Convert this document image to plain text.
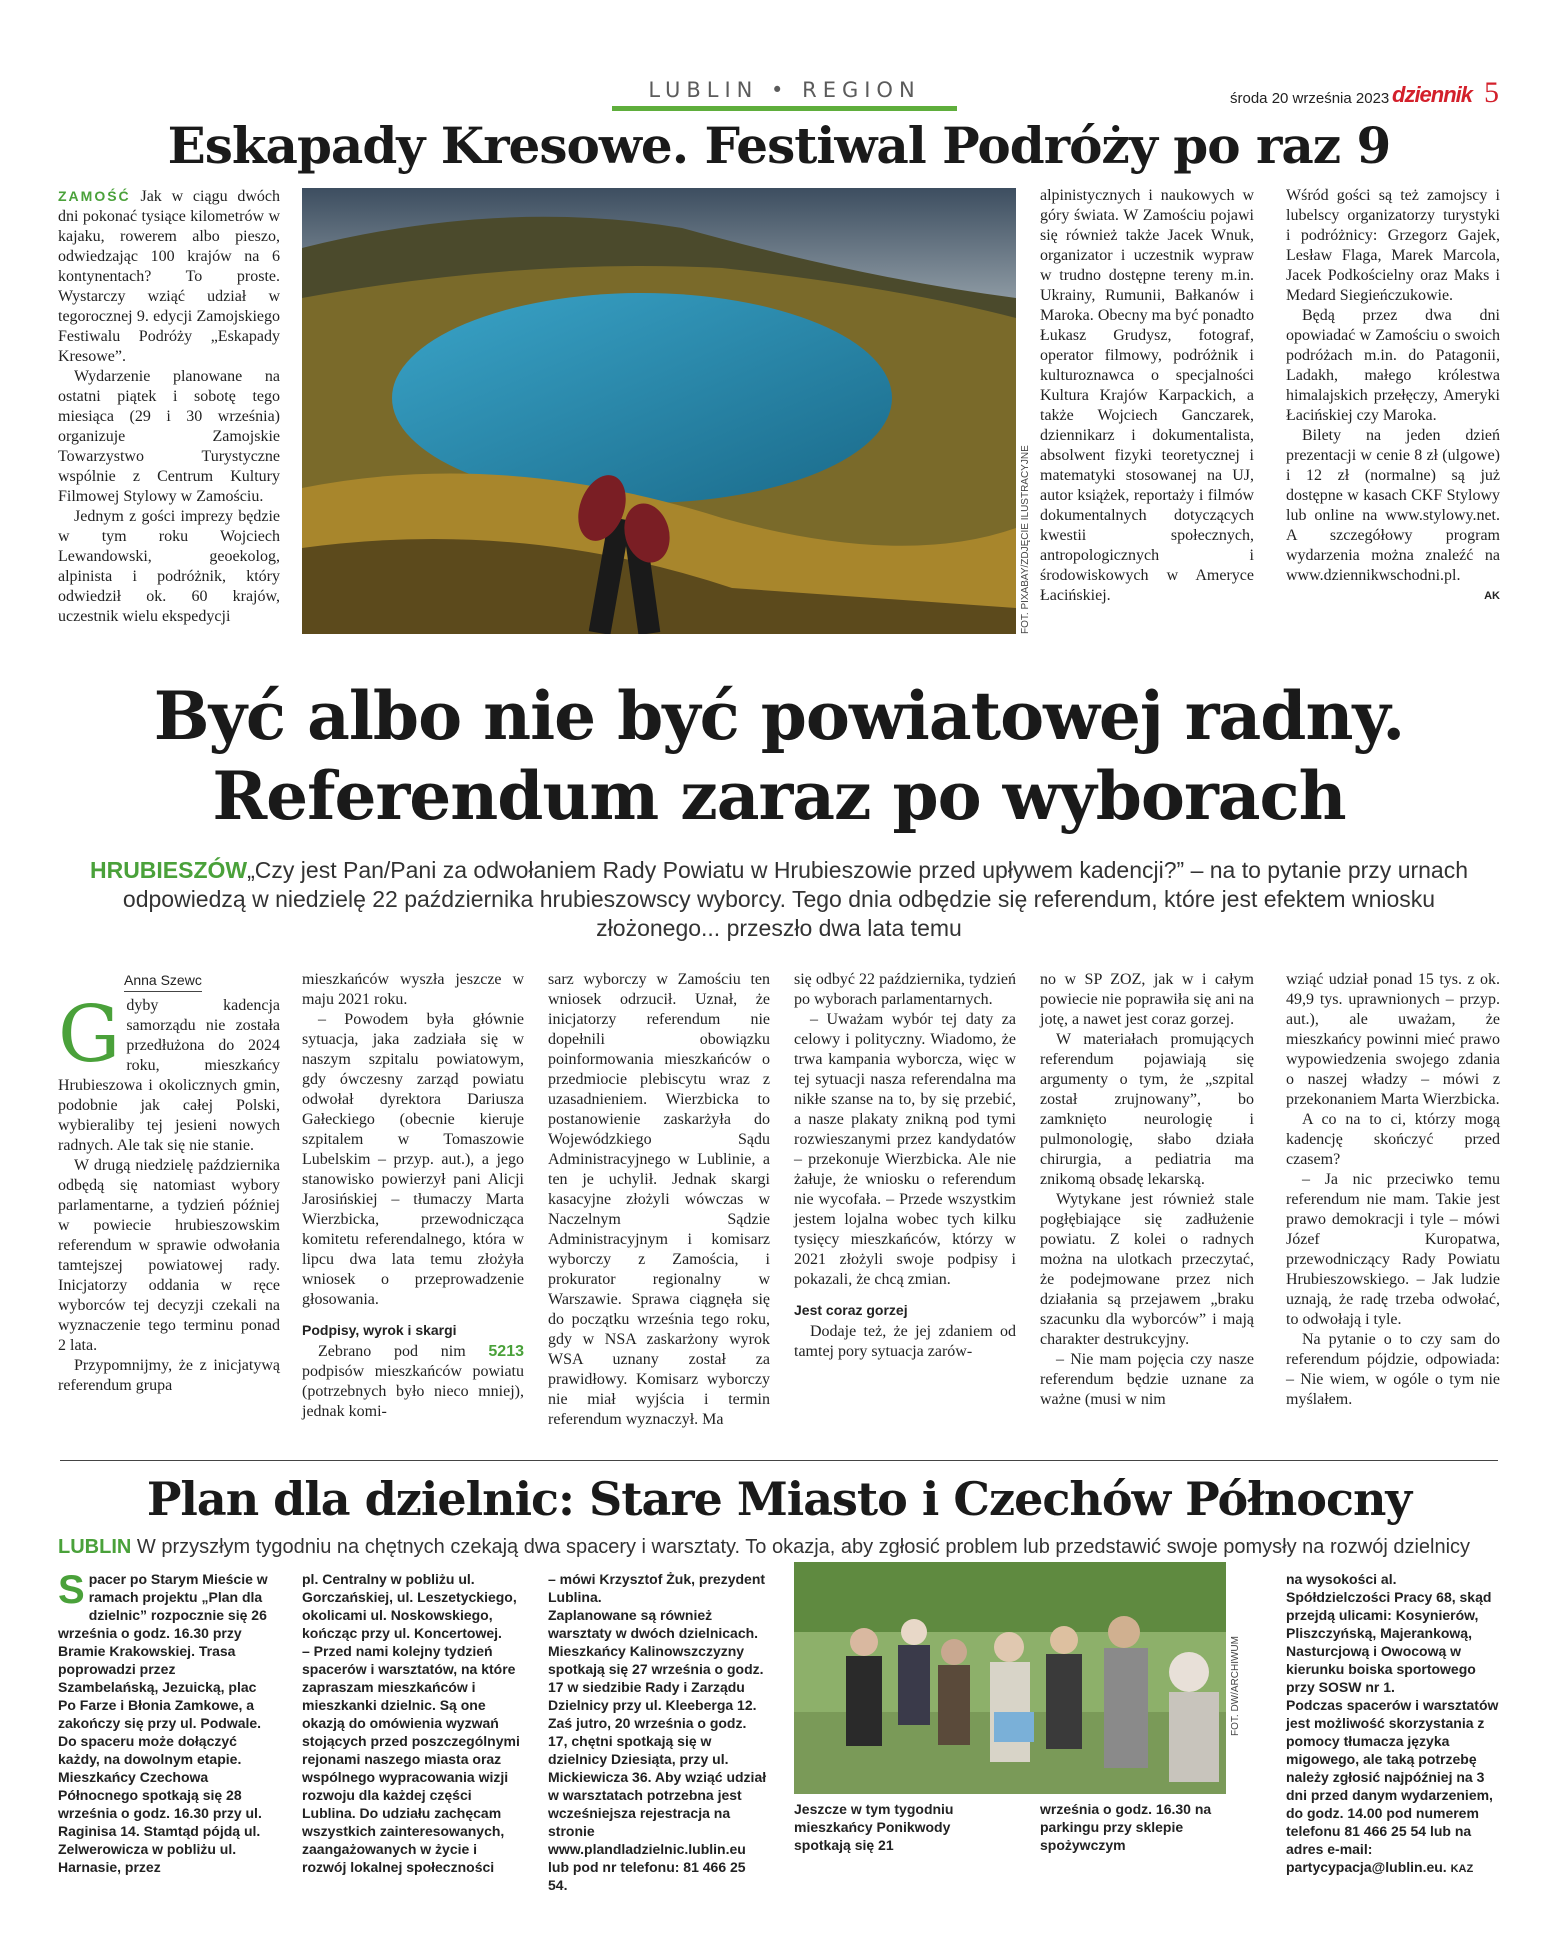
LUBLIN • REGION	środa 20 września 2023 dziennik 5
Eskapady Kresowe. Festiwal Podróży po raz 9

ZAMOŚĆ Jak w ciągu dwóch dni pokonać tysiące kilometrów w kajaku, rowerem albo pieszo, odwiedzając 100 krajów na 6 kontynentach? To proste. Wystarczy wziąć udział w tegorocznej 9. edycji Zamojskiego Festiwalu Podróży „Eskapady Kresowe”.

Wydarzenie planowane na ostatni piątek i sobotę tego miesiąca (29 i 30 września) organizuje Zamojskie Towarzystwo Turystyczne wspólnie z Centrum Kultury Filmowej Stylowy w Zamościu.

Jednym z gości imprezy będzie w tym roku Wojciech Lewandowski, geoekolog, alpinista i podróżnik, który odwiedził ok. 60 krajów, uczestnik wielu ekspedycji	FOT. PIXABAY/ZDJĘCIE ILUSTRACYJNE

alpinistycznych i naukowych w góry świata. W Zamościu pojawi się również także Jacek Wnuk, organizator i uczestnik wypraw w trudno dostępne tereny m.in. Ukrainy, Rumunii, Bałkanów i Maroka. Obecny ma być ponadto Łukasz Grudysz, fotograf, operator filmowy, podróżnik i kulturoznawca o specjalności Kultura Krajów Karpackich, a także Wojciech Ganczarek, dziennikarz i dokumentalista, absolwent fizyki teoretycznej i matematyki stosowanej na UJ, autor książek, reportaży i filmów dokumentalnych dotyczących kwestii społecznych, antropologicznych i środowiskowych w Ameryce Łacińskiej.

Wśród gości są też zamojscy i lubelscy organizatorzy turystyki i podróżnicy: Grzegorz Gajek, Lesław Flaga, Marek Marcola, Jacek Podkościelny oraz Maks i Medard Siegieńczukowie.

Będą przez dwa dni opowiadać w Zamościu o swoich podróżach m.in. do Patagonii, Ladakh, małego królestwa himalajskich przełęczy, Ameryki Łacińskiej czy Maroka.

Bilety na jeden dzień prezentacji w cenie 8 zł (ulgowe) i 12 zł (normalne) są już dostępne w kasach CKF Stylowy lub online na www.stylowy.net. A szczegółowy program wydarzenia można znaleźć na www.dziennikwschodni.pl.

AK
Być albo nie być powiatowej radny.
Referendum zaraz po wyborach
HRUBIESZÓW„Czy jest Pan/Pani za odwołaniem Rady Powiatu w Hrubieszowie przed upływem kadencji?” – na to pytanie przy urnach odpowiedzą w niedzielę 22 października hrubieszowscy wyborcy. Tego dnia odbędzie się referendum, które jest efektem wniosku złożonego... przeszło dwa lata temu
Anna Szewc

Gdyby kadencja samorządu nie została przedłużona do 2024 roku, mieszkańcy Hrubieszowa i okolicznych gmin, podobnie jak całej Polski, wybieraliby tej jesieni nowych radnych. Ale tak się nie stanie.

W drugą niedzielę października odbędą się natomiast wybory parlamentarne, a tydzień później w powiecie hrubieszowskim referendum w sprawie odwołania tamtejszej powiatowej rady. Inicjatorzy oddania w ręce wyborców tej decyzji czekali na wyznaczenie tego terminu ponad 2 lata.

Przypomnijmy, że z inicjatywą referendum grupa

mieszkańców wyszła jeszcze w maju 2021 roku.

– Powodem była głównie sytuacja, jaka zadziała się w naszym szpitalu powiatowym, gdy ówczesny zarząd powiatu odwołał dyrektora Dariusza Gałeckiego (obecnie kieruje szpitalem w Tomaszowie Lubelskim – przyp. aut.), a jego stanowisko powierzył pani Alicji Jarosińskiej – tłumaczy Marta Wierzbicka, przewodnicząca komitetu referendalnego, która w lipcu dwa lata temu złożyła wniosek o przeprowadzenie głosowania.

Podpisy, wyrok i skargi

Zebrano pod nim 5213 podpisów mieszkańców powiatu (potrzebnych było nieco mniej), jednak komi-

sarz wyborczy w Zamościu ten wniosek odrzucił. Uznał, że inicjatorzy referendum nie dopełnili obowiązku poinformowania mieszkańców o przedmiocie plebiscytu wraz z uzasadnieniem. Wierzbicka to postanowienie zaskarżyła do Wojewódzkiego Sądu Administracyjnego w Lublinie, a ten je uchylił. Jednak skargi kasacyjne złożyli wówczas w Naczelnym Sądzie Administracyjnym i komisarz wyborczy z Zamościa, i prokurator regionalny w Warszawie. Sprawa ciągnęła się do początku września tego roku, gdy w NSA zaskarżony wyrok WSA uznany został za prawidłowy. Komisarz wyborczy nie miał wyjścia i termin referendum wyznaczył. Ma

się odbyć 22 października, tydzień po wyborach parlamentarnych.

– Uważam wybór tej daty za celowy i polityczny. Wiadomo, że trwa kampania wyborcza, więc w tej sytuacji nasza referendalna ma nikłe szanse na to, by się przebić, a nasze plakaty znikną pod tymi rozwieszanymi przez kandydatów – przekonuje Wierzbicka. Ale nie żałuje, że wniosku o referendum nie wycofała. – Przede wszystkim jestem lojalna wobec tych kilku tysięcy mieszkańców, którzy w 2021 złożyli swoje podpisy i pokazali, że chcą zmian.

Jest coraz gorzej

Dodaje też, że jej zdaniem od tamtej pory sytuacja zarów-

no w SP ZOZ, jak w i całym powiecie nie poprawiła się ani na jotę, a nawet jest coraz gorzej.

W materiałach promujących referendum pojawiają się argumenty o tym, że „szpital został zrujnowany”, bo zamknięto neurologię i pulmonologię, słabo działa chirurgia, a pediatria ma znikomą obsadę lekarską.

Wytykane jest również stale pogłębiające się zadłużenie powiatu. Z kolei o radnych można na ulotkach przeczytać, że podejmowane przez nich działania są przejawem „braku szacunku dla wyborców” i mają charakter destrukcyjny.

– Nie mam pojęcia czy nasze referendum będzie uznane za ważne (musi w nim

wziąć udział ponad 15 tys. z ok. 49,9 tys. uprawnionych – przyp. aut.), ale uważam, że mieszkańcy powinni mieć prawo wypowiedzenia swojego zdania o naszej władzy – mówi z przekonaniem Marta Wierzbicka.

A co na to ci, którzy mogą kadencję skończyć przed czasem?

– Ja nic przeciwko temu referendum nie mam. Takie jest prawo demokracji i tyle – mówi Józef Kuropatwa, przewodniczący Rady Powiatu Hrubieszowskiego. – Jak ludzie uznają, że radę trzeba odwołać, to odwołają i tyle.

Na pytanie o to czy sam do referendum pójdzie, odpowiada: – Nie wiem, w ogóle o tym nie myślałem.

Plan dla dzielnic: Stare Miasto i Czechów Północny
LUBLIN W przyszłym tygodniu na chętnych czekają dwa spacery i warsztaty. To okazja, aby zgłosić problem lub przedstawić swoje pomysły na rozwój dzielnicy

Spacer po Starym Mieście w ramach projektu „Plan dla dzielnic” rozpocznie się 26 września o godz. 16.30 przy Bramie Krakowskiej. Trasa poprowadzi przez Szambelańską, Jezuicką, plac Po Farze i Błonia Zamkowe, a zakończy się przy ul. Podwale. Do spaceru może dołączyć każdy, na dowolnym etapie.

Mieszkańcy Czechowa Północnego spotkają się 28 września o godz. 16.30 przy ul. Raginisa 14. Stamtąd pójdą ul. Zelwerowicza w pobliżu ul. Harnasie, przez

pl. Centralny w pobliżu ul. Gorczańskiej, ul. Leszetyckiego, okolicami ul. Noskowskiego, kończąc przy ul. Koncertowej.

– Przed nami kolejny tydzień spacerów i warsztatów, na które zapraszam mieszkańców i mieszkanki dzielnic. Są one okazją do omówienia wyzwań stojących przed poszczególnymi rejonami naszego miasta oraz wspólnego wypracowania wizji rozwoju dla każdej części Lublina. Do udziału zachęcam wszystkich zainteresowanych, zaangażowanych w życie i rozwój lokalnej społeczności

– mówi Krzysztof Żuk, prezydent Lublina.

Zaplanowane są również warsztaty w dwóch dzielnicach. Mieszkańcy Kalinowszczyzny spotkają się 27 września o godz. 17 w siedzibie Rady i Zarządu Dzielnicy przy ul. Kleeberga 12. Zaś jutro, 20 września o godz. 17, chętni spotkają się w dzielnicy Dziesiąta, przy ul. Mickiewicza 36. Aby wziąć udział w warsztatach potrzebna jest wcześniejsza rejestracja na stronie www.plandladzielnic.lublin.eu lub pod nr telefonu: 81 466 25 54.

FOT. DW/ARCHIWUM
Jeszcze w tym tygodniu mieszkańcy Ponikwody spotkają się 21
września o godz. 16.30 na parkingu przy sklepie spożywczym

na wysokości al. Spółdzielczości Pracy 68, skąd przejdą ulicami: Kosynierów, Pliszczyńską, Majerankową, Nasturcjową i Owocową w kierunku boiska sportowego przy SOSW nr 1.

Podczas spacerów i warsztatów jest możliwość skorzystania z pomocy tłumacza języka migowego, ale taką potrzebę należy zgłosić najpóźniej na 3 dni przed danym wydarzeniem, do godz. 14.00 pod numerem telefonu 81 466 25 54 lub na adres e-mail: partycypacja@lublin.eu. KAZ
